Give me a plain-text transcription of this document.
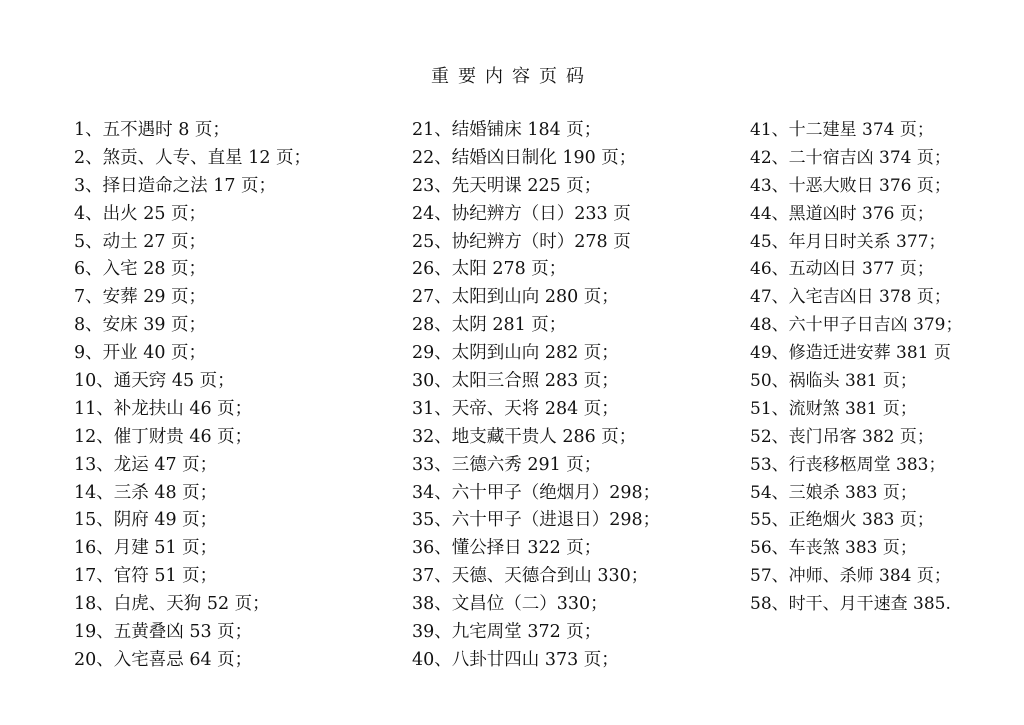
重要内容页码
1、五不遇时 8 页；
2、煞贡、人专、直星 12 页；
3、择日造命之法 17 页；
4、出火 25 页；
5、动土 27 页；
6、入宅 28 页；
7、安葬 29 页；
8、安床 39 页；
9、开业 40 页；
10、通天窍 45 页；
11、补龙扶山 46 页；
12、催丁财贵 46 页；
13、龙运 47 页；
14、三杀 48 页；
15、阴府 49 页；
16、月建 51 页；
17、官符 51 页；
18、白虎、天狗 52 页；
19、五黄叠凶 53 页；
20、入宅喜忌 64 页；
21、结婚铺床 184 页；
22、结婚凶日制化 190 页；
23、先天明课 225 页；
24、协纪辨方（日）233 页
25、协纪辨方（时）278 页
26、太阳 278 页；
27、太阳到山向 280 页；
28、太阴 281 页；
29、太阴到山向 282 页；
30、太阳三合照 283 页；
31、天帝、天将 284 页；
32、地支藏干贵人 286 页；
33、三德六秀 291 页；
34、六十甲子（绝烟月）298；
35、六十甲子（进退日）298；
36、懂公择日 322 页；
37、天德、天德合到山 330；
38、文昌位（二）330；
39、九宅周堂 372 页；
40、八卦廿四山 373 页；
41、十二建星 374 页；
42、二十宿吉凶 374 页；
43、十恶大败日 376 页；
44、黑道凶时 376 页；
45、年月日时关系 377；
46、五动凶日 377 页；
47、入宅吉凶日 378 页；
48、六十甲子日吉凶 379；
49、修造迁进安葬 381 页
50、祸临头 381 页；
51、流财煞 381 页；
52、丧门吊客 382 页；
53、行丧移柩周堂 383；
54、三娘杀 383 页；
55、正绝烟火 383 页；
56、车丧煞 383 页；
57、冲师、杀师 384 页；
58、时干、月干速查 385.
